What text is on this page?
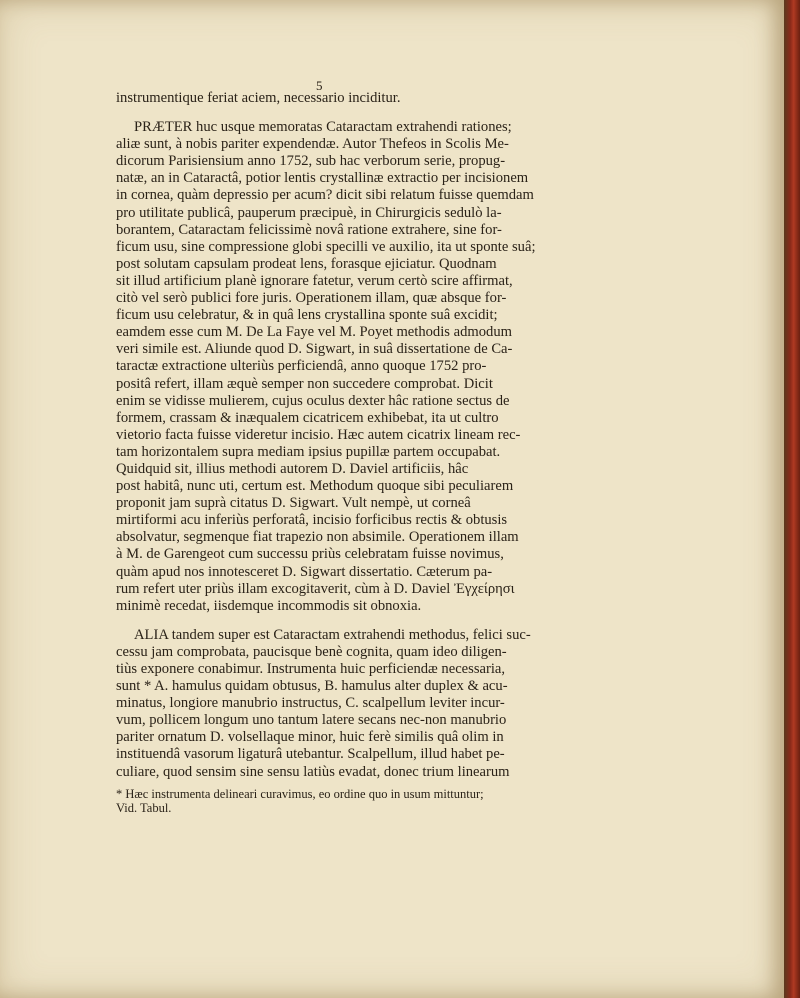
5
instrumentique feriat aciem, necessario inciditur.
PRÆTER huc usque memoratas Cataractam extrahendi rationes;
aliæ sunt, à nobis pariter expendendæ. Autor Thefeos in Scolis Me-
dicorum Parisiensium anno 1752, sub hac verborum serie, propug-
natæ, an in Cataractâ, potior lentis crystallinæ extractio per incisionem
in cornea, quàm depressio per acum? dicit sibi relatum fuisse quemdam
pro utilitate publicâ, pauperum præcipuè, in Chirurgicis sedulò la-
borantem, Cataractam felicissimè novâ ratione extrahere, sine for-
ficum usu, sine compressione globi specilli ve auxilio, ita ut sponte suâ;
post solutam capsulam prodeat lens, forasque ejiciatur. Quodnam
sit illud artificium planè ignorare fatetur, verum certò scire affirmat,
citò vel serò publici fore juris. Operationem illam, quæ absque for-
ficum usu celebratur, & in quâ lens crystallina sponte suâ excidit;
eamdem esse cum M. De La Faye vel M. Poyet methodis admodum
veri simile est. Aliunde quod D. Sigwart, in suâ dissertatione de Ca-
taractæ extractione ulteriùs perficiendâ, anno quoque 1752 pro-
positâ refert, illam æquè semper non succedere comprobat. Dicit
enim se vidisse mulierem, cujus oculus dexter hâc ratione sectus de
formem, crassam & inæqualem cicatricem exhibebat, ita ut cultro
vietorio facta fuisse videretur incisio. Hæc autem cicatrix lineam rec-
tam horizontalem supra mediam ipsius pupillæ partem occupabat.
Quidquid sit, illius methodi autorem D. Daviel artificiis, hâc
post habitâ, nunc uti, certum est. Methodum quoque sibi peculiarem
proponit jam suprà citatus D. Sigwart. Vult nempè, ut corneâ
mirtiformi acu inferiùs perforatâ, incisio forficibus rectis & obtusis
absolvatur, segmenque fiat trapezio non absimile. Operationem illam
à M. de Garengeot cum successu priùs celebratam fuisse novimus,
quàm apud nos innotesceret D. Sigwart dissertatio. Cæterum pa-
rum refert uter priùs illam excogitaverit, cùm à D. Daviel Ἐγχείρησι
minimè recedat, iisdemque incommodis sit obnoxia.
ALIA tandem super est Cataractam extrahendi methodus, felici suc-
cessu jam comprobata, paucisque benè cognita, quam ideo diligen-
tiùs exponere conabimur. Instrumenta huic perficiendæ necessaria,
sunt * A. hamulus quidam obtusus, B. hamulus alter duplex & acu-
minatus, longiore manubrio instructus, C. scalpellum leviter incur-
vum, pollicem longum uno tantum latere secans nec-non manubrio
pariter ornatum D. volsellaque minor, huic ferè similis quâ olim in
instituendâ vasorum ligaturâ utebantur. Scalpellum, illud habet pe-
culiare, quod sensim sine sensu latiùs evadat, donec trium linearum
* Hæc instrumenta delineari curavimus, eo ordine quo in usum mittuntur;
Vid. Tabul.
